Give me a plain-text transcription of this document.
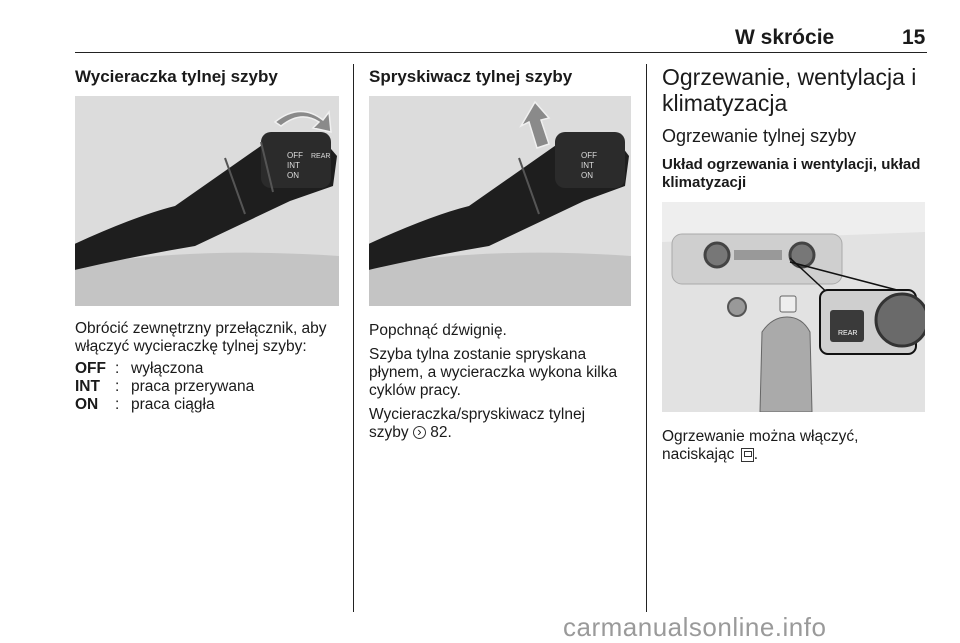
W skrócie	15
Wycieraczka tylnej szyby
OFF
INT
ON
REAR
Obrócić zewnętrzny przełącznik, aby włączyć wycieraczkę tylnej szyby:
OFF : wyłączona
INT : praca przerywana
ON	: praca ciągła
Spryskiwacz tylnej szyby
OFF
INT
ON
Popchnąć dźwignię.
Szyba tylna zostanie spryskana płynem, a wycieraczka wykona kilka cyklów pracy.
Wycieraczka/spryskiwacz tylnej szyby › 82.
Ogrzewanie, wentylacja i
klimatyzacja
Ogrzewanie tylnej szyby
Układ ogrzewania i wentylacji, układ
klimatyzacji
REAR
Ogrzewanie można włączyć,
naciskając .
carmanualsonline.info
